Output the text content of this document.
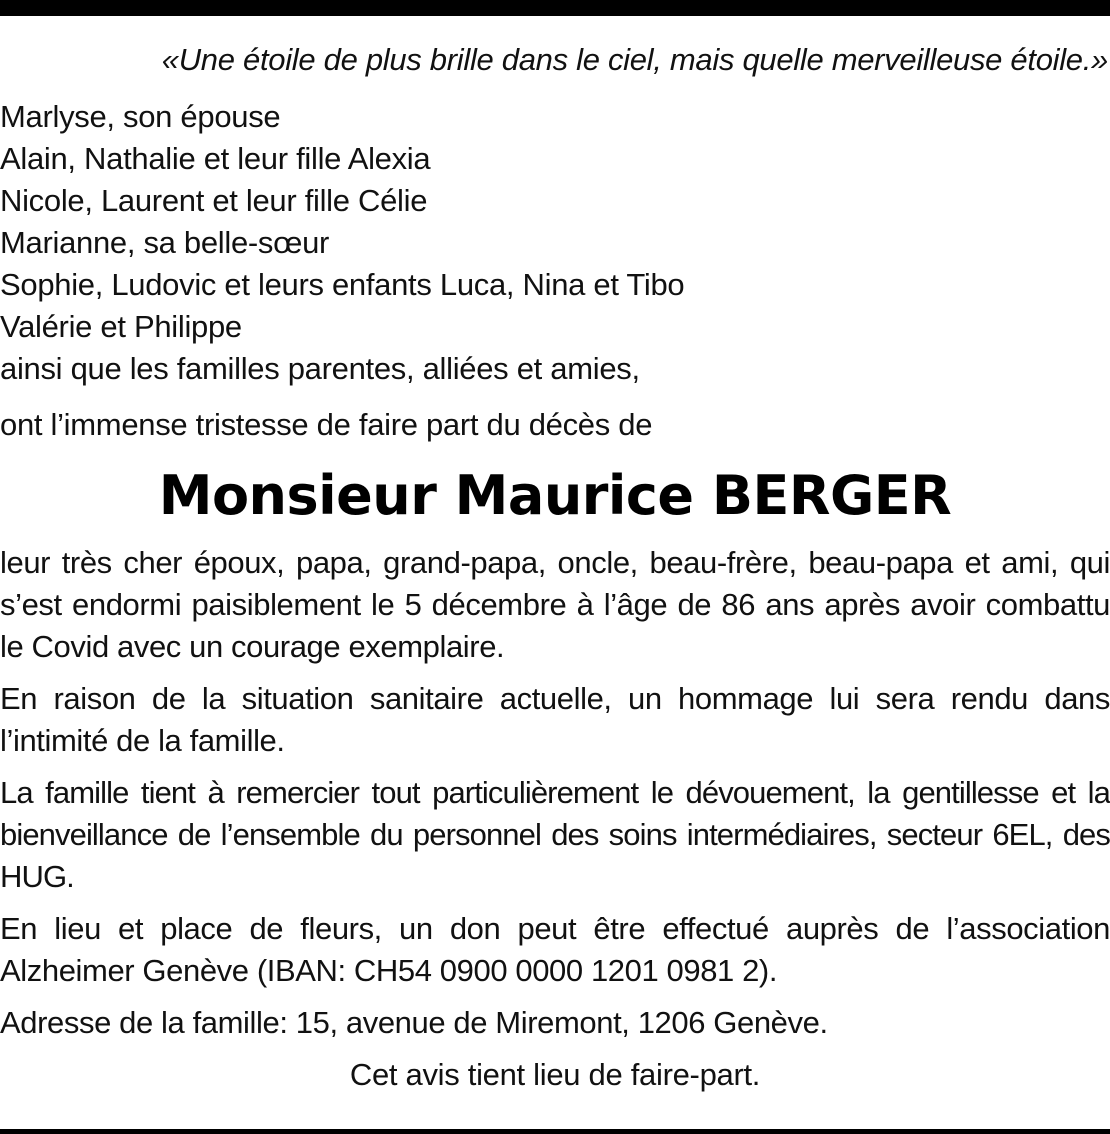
«Une étoile de plus brille dans le ciel, mais quelle merveilleuse étoile.»
Marlyse, son épouse
Alain, Nathalie et leur fille Alexia
Nicole, Laurent et leur fille Célie
Marianne, sa belle-sœur
Sophie, Ludovic et leurs enfants Luca, Nina et Tibo
Valérie et Philippe
ainsi que les familles parentes, alliées et amies,
ont l’immense tristesse de faire part du décès de
Monsieur Maurice BERGER

leur très cher époux, papa, grand-papa, oncle, beau-frère, beau-papa et ami, qui s’est endormi paisiblement le 5 décembre à l’âge de 86 ans après avoir combattu le Covid avec un courage exemplaire.

En raison de la situation sanitaire actuelle, un hommage lui sera rendu dans l’intimité de la famille.

La famille tient à remercier tout particulièrement le dévouement, la gentillesse et la bienveillance de l’ensemble du personnel des soins intermédiaires, secteur 6EL, des HUG.

En lieu et place de fleurs, un don peut être effectué auprès de l’association Alzheimer Genève (IBAN: CH54 0900 0000 1201 0981 2).

Adresse de la famille: 15, avenue de Miremont, 1206 Genève.

Cet avis tient lieu de faire-part.
